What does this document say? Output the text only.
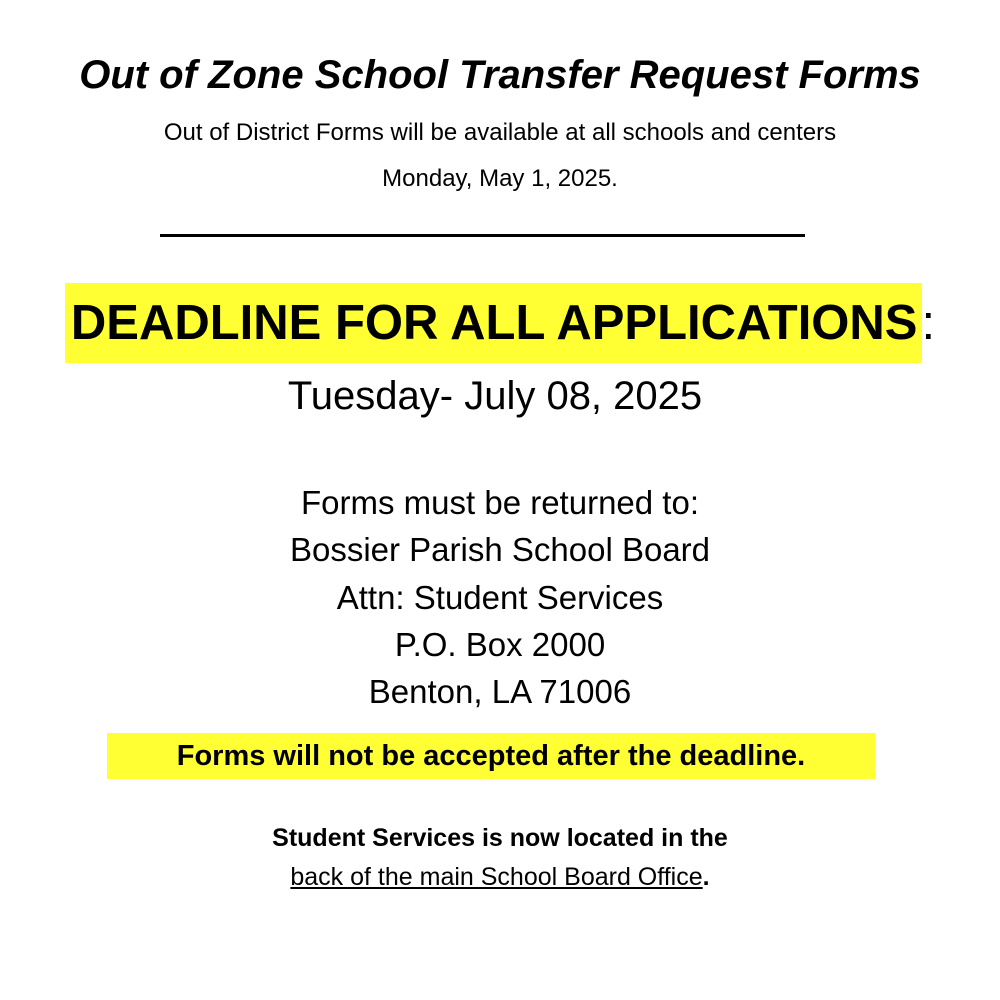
Out of Zone School Transfer Request Forms
Out of District Forms will be available at all schools and centers
Monday, May 1, 2025.
DEADLINE FOR ALL APPLICATIONS:
Tuesday- July 08, 2025
Forms must be returned to:
Bossier Parish School Board
Attn: Student Services
P.O. Box 2000
Benton, LA 71006
Forms will not be accepted after the deadline.
Student Services is now located in the
back of the main School Board Office.
